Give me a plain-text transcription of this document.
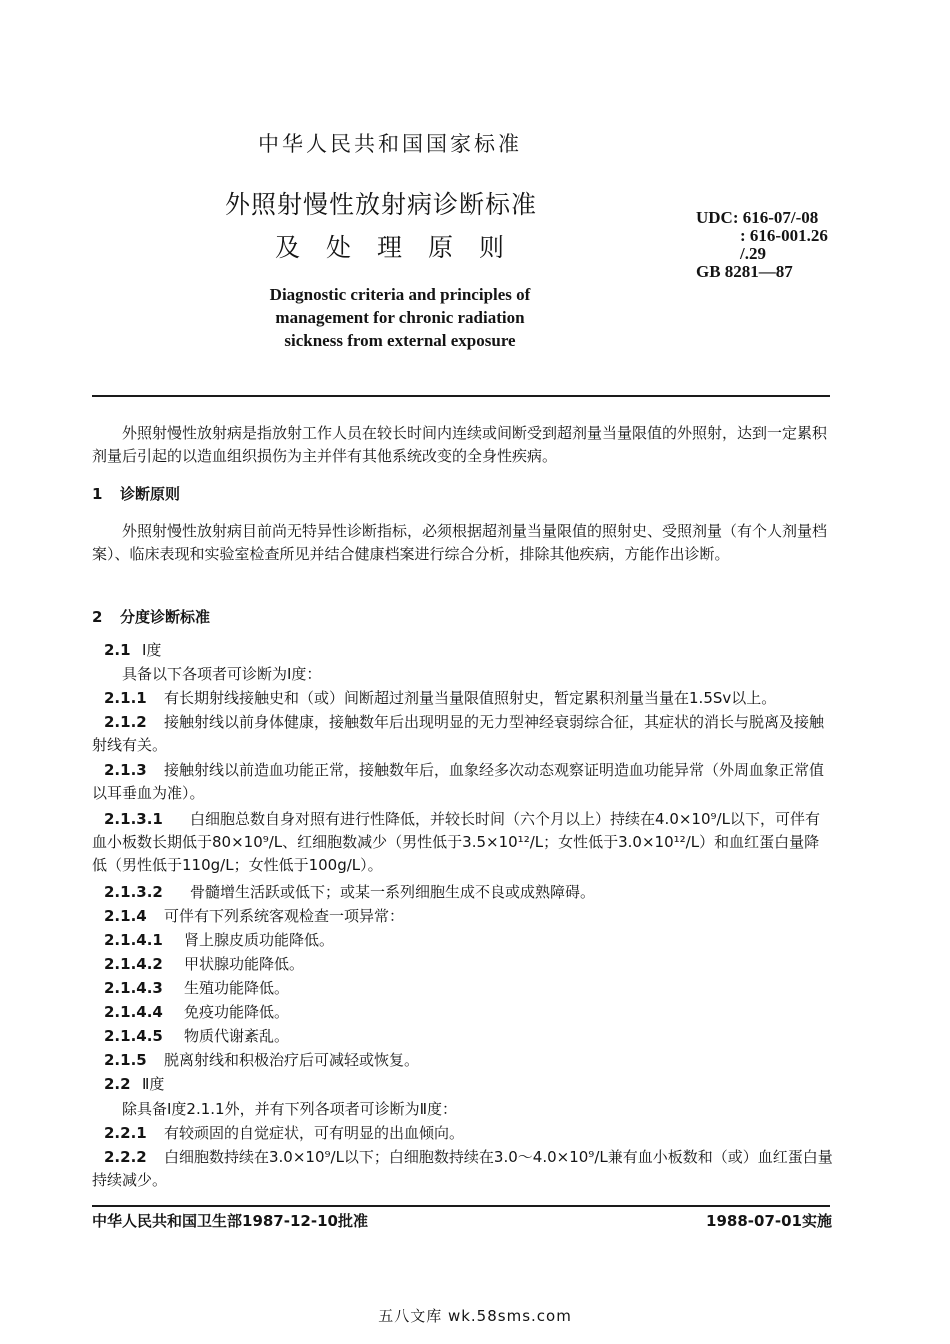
中华人民共和国国家标准
外照射慢性放射病诊断标准
及处理原则
UDC: 616-07/-08
: 616-001.26
/.29
GB 8281—87
Diagnostic criteria and principles of
management for chronic radiation
sickness from external exposure
外照射慢性放射病是指放射工作人员在较长时间内连续或间断受到超剂量当量限值的外照射，达到一定累积剂量后引起的以造血组织损伤为主并伴有其他系统改变的全身性疾病。
1 诊断原则
外照射慢性放射病目前尚无特异性诊断指标，必须根据超剂量当量限值的照射史、受照剂量（有个人剂量档案）、临床表现和实验室检查所见并结合健康档案进行综合分析，排除其他疾病，方能作出诊断。
2 分度诊断标准
2.1 Ⅰ度
具备以下各项者可诊断为Ⅰ度：
2.1.1 有长期射线接触史和（或）间断超过剂量当量限值照射史，暂定累积剂量当量在1.5Sv以上。
2.1.2 接触射线以前身体健康，接触数年后出现明显的无力型神经衰弱综合征，其症状的消长与脱离及接触射线有关。
2.1.3 接触射线以前造血功能正常，接触数年后，血象经多次动态观察证明造血功能异常（外周血象正常值以耳垂血为准）。
2.1.3.1 白细胞总数自身对照有进行性降低，并较长时间（六个月以上）持续在4.0×10⁹/L以下，可伴有血小板数长期低于80×10⁹/L、红细胞数减少（男性低于3.5×10¹²/L；女性低于3.0×10¹²/L）和血红蛋白量降低（男性低于110g/L；女性低于100g/L）。
2.1.3.2 骨髓增生活跃或低下；或某一系列细胞生成不良或成熟障碍。
2.1.4 可伴有下列系统客观检查一项异常：
2.1.4.1 肾上腺皮质功能降低。
2.1.4.2 甲状腺功能降低。
2.1.4.3 生殖功能降低。
2.1.4.4 免疫功能降低。
2.1.4.5 物质代谢紊乱。
2.1.5 脱离射线和积极治疗后可减轻或恢复。
2.2 Ⅱ度
除具备Ⅰ度2.1.1外，并有下列各项者可诊断为Ⅱ度：
2.2.1 有较顽固的自觉症状，可有明显的出血倾向。
2.2.2 白细胞数持续在3.0×10⁹/L以下；白细胞数持续在3.0～4.0×10⁹/L兼有血小板数和（或）血红蛋白量持续减少。
中华人民共和国卫生部1987-12-10批准	1988-07-01实施
五八文库 wk.58sms.com
